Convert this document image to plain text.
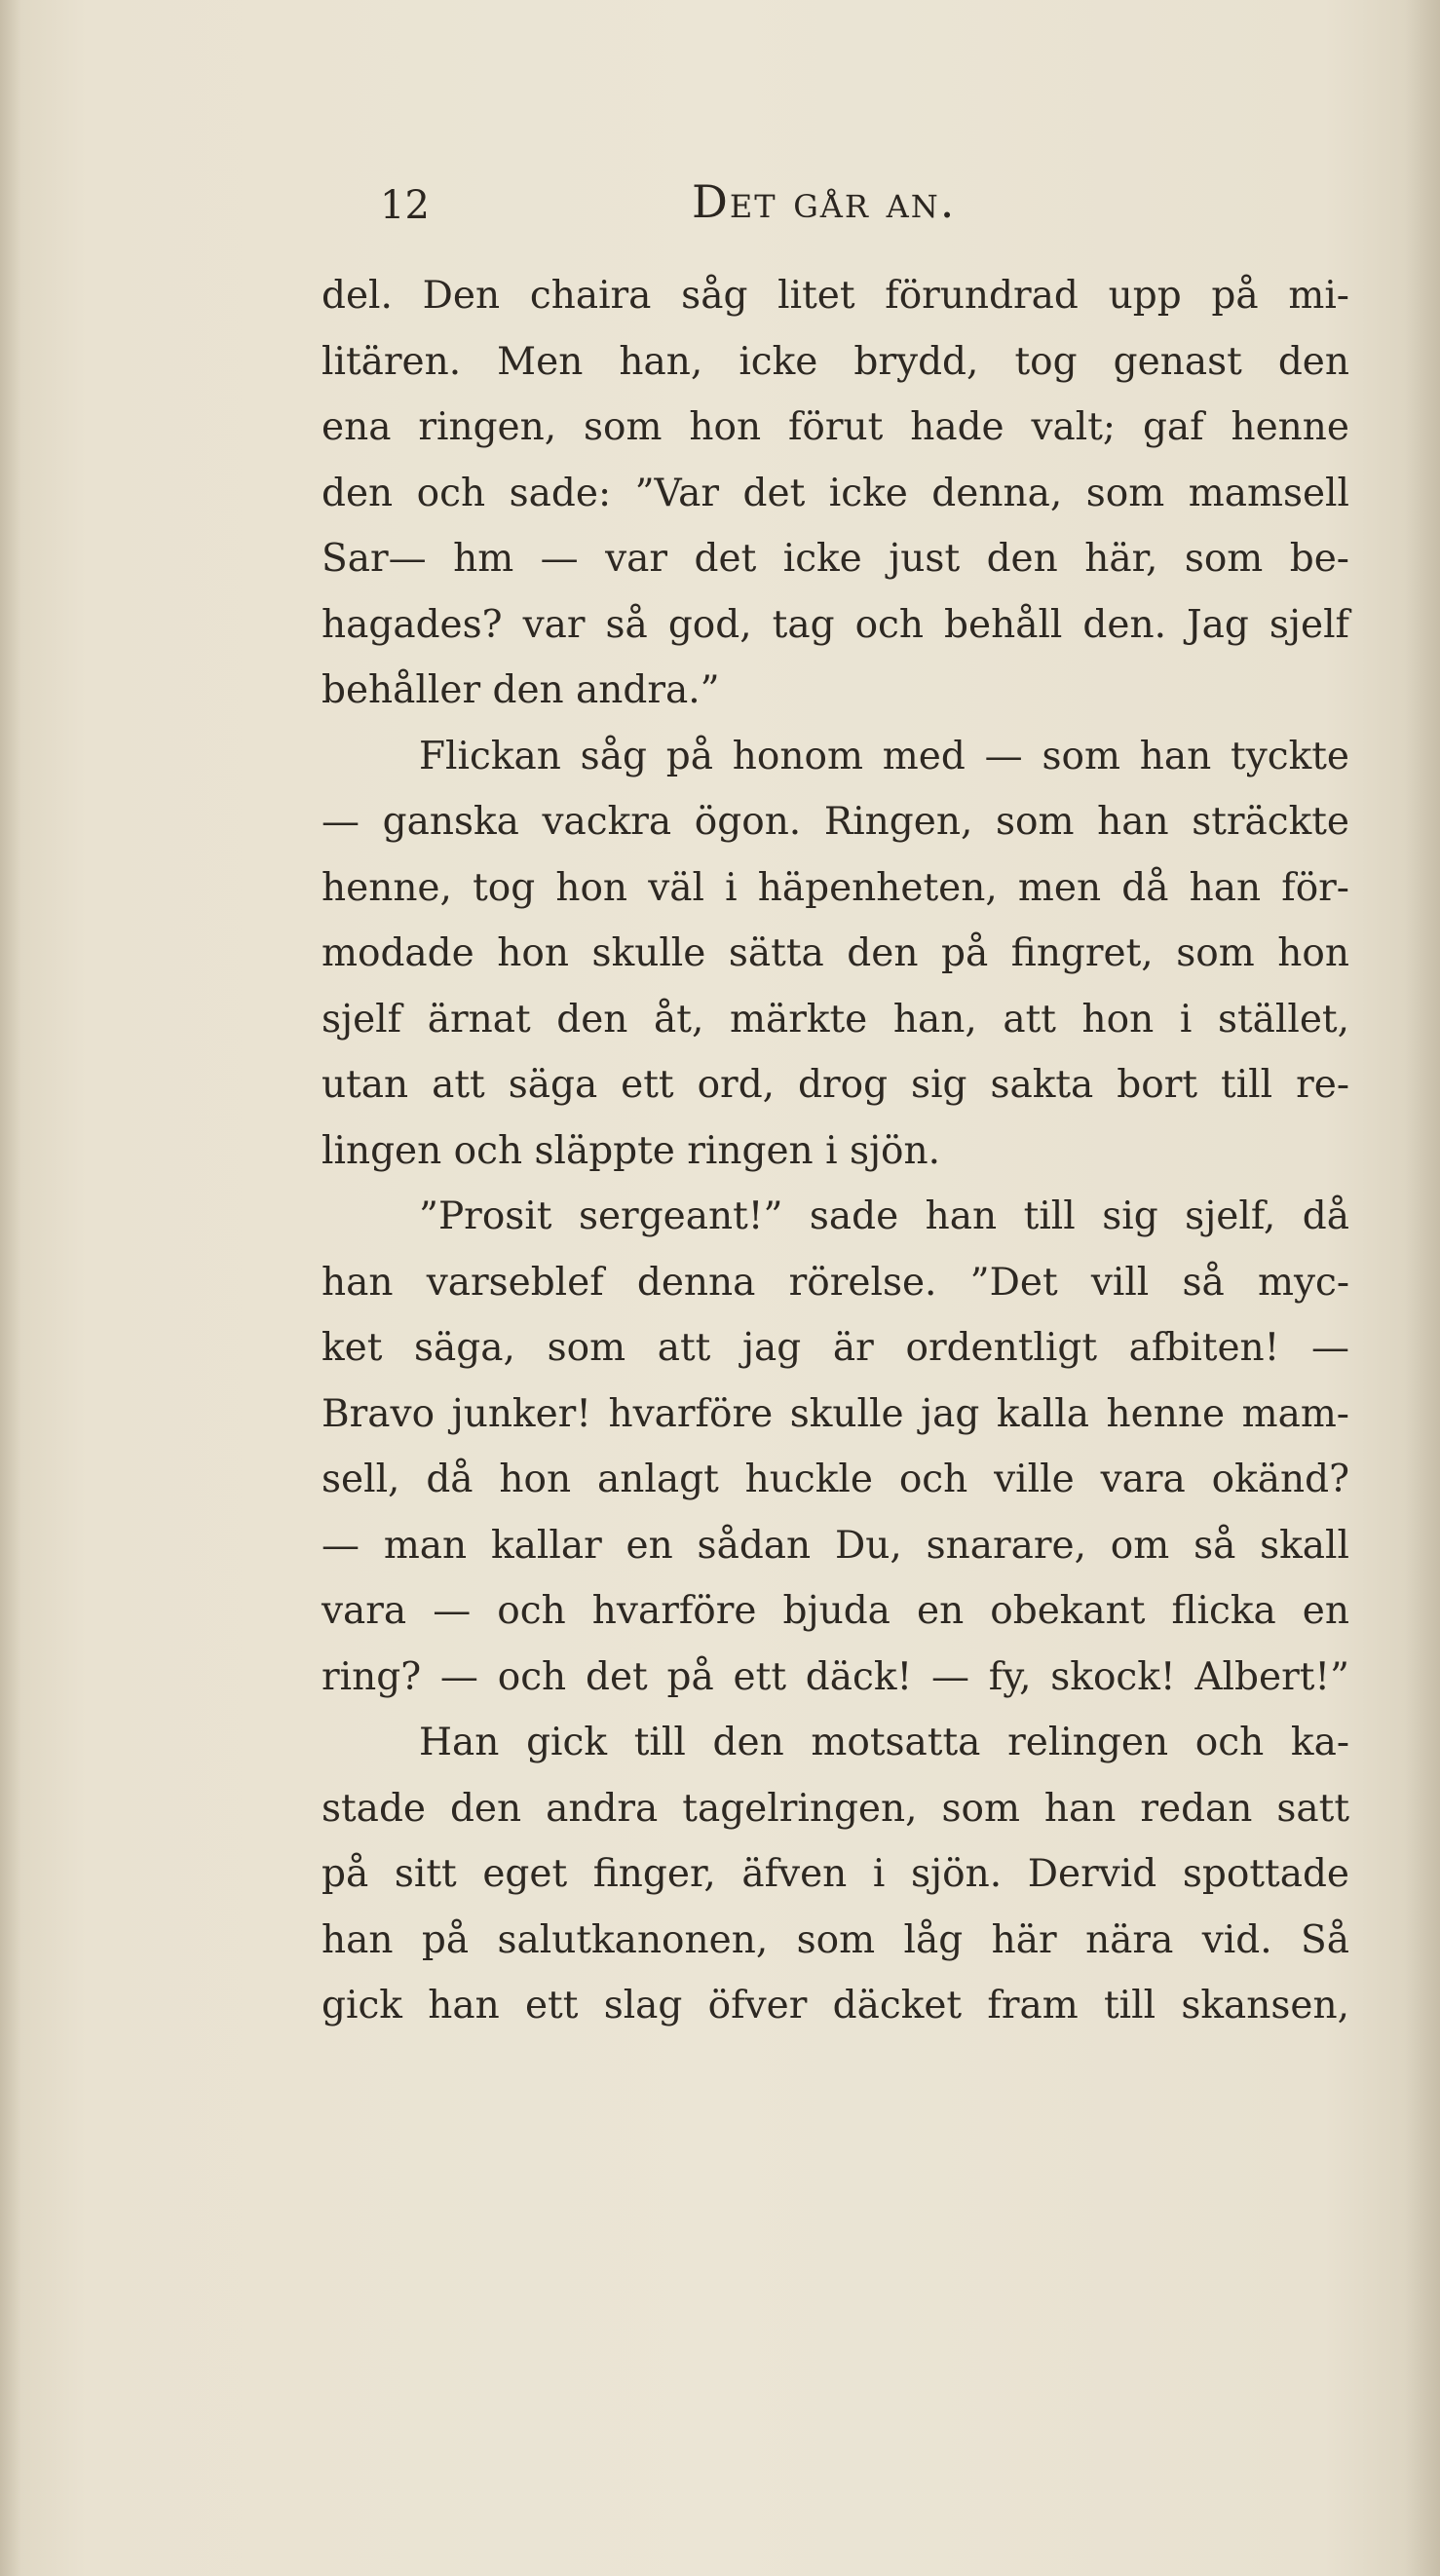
12	Det går an.
del. Den chaira såg litet förundrad upp på mi-
litären. Men han, icke brydd, tog genast den
ena ringen, som hon förut hade valt; gaf henne
den och sade: ”Var det icke denna, som mamsell
Sar— hm — var det icke just den här, som be-
hagades? var så god, tag och behåll den. Jag sjelf
behåller den andra.”
Flickan såg på honom med — som han tyckte
— ganska vackra ögon. Ringen, som han sträckte
henne, tog hon väl i häpenheten, men då han för-
modade hon skulle sätta den på fingret, som hon
sjelf ärnat den åt, märkte han, att hon i stället,
utan att säga ett ord, drog sig sakta bort till re-
lingen och släppte ringen i sjön.
”Prosit sergeant!” sade han till sig sjelf, då
han varseblef denna rörelse. ”Det vill så myc-
ket säga, som att jag är ordentligt afbiten! —
Bravo junker! hvarföre skulle jag kalla henne mam-
sell, då hon anlagt huckle och ville vara okänd?
— man kallar en sådan Du, snarare, om så skall
vara — och hvarföre bjuda en obekant flicka en
ring? — och det på ett däck! — fy, skock! Albert!”
Han gick till den motsatta relingen och ka-
stade den andra tagelringen, som han redan satt
på sitt eget finger, äfven i sjön. Dervid spottade
han på salutkanonen, som låg här nära vid. Så
gick han ett slag öfver däcket fram till skansen,
